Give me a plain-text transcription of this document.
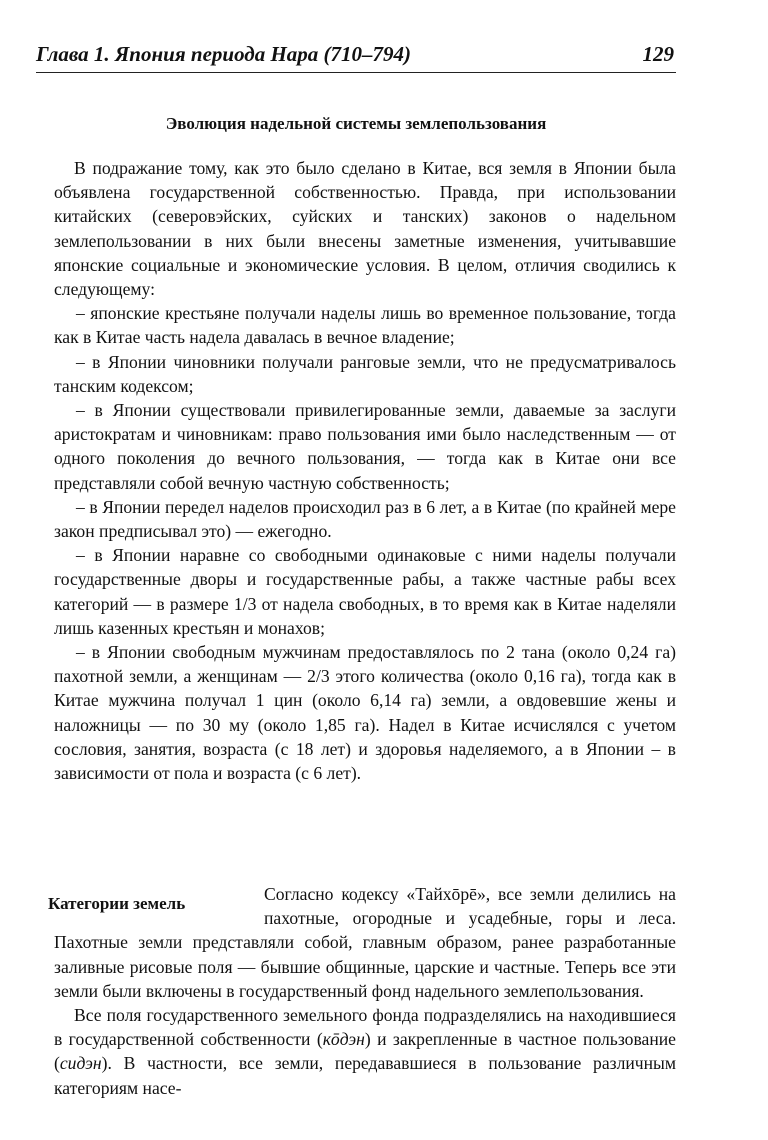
Глава 1. Япония периода Нара (710–794)	129
Эволюция надельной системы землепользования

В подражание тому, как это было сделано в Китае, вся земля в Японии была объявлена государственной собственностью. Правда, при использовании китайских (северовэйских, суйских и танских) законов о надельном землепользовании в них были внесены заметные изменения, учитывавшие японские социальные и экономические условия. В целом, отличия сводились к следующему:

– японские крестьяне получали наделы лишь во временное пользование, тогда как в Китае часть надела давалась в вечное владение;

– в Японии чиновники получали ранговые земли, что не предусматривалось танским кодексом;

– в Японии существовали привилегированные земли, даваемые за заслуги аристократам и чиновникам: право пользования ими было наследственным — от одного поколения до вечного пользования, — тогда как в Китае они все представляли собой вечную частную собственность;

– в Японии передел наделов происходил раз в 6 лет, а в Китае (по крайней мере закон предписывал это) — ежегодно.

– в Японии наравне со свободными одинаковые с ними наделы получали государственные дворы и государственные рабы, а также частные рабы всех категорий — в размере 1/3 от надела свободных, в то время как в Китае наделяли лишь казенных крестьян и монахов;

– в Японии свободным мужчинам предоставлялось по 2 тана (около 0,24 га) пахотной земли, а женщинам — 2/3 этого количества (около 0,16 га), тогда как в Китае мужчина получал 1 цин (около 6,14 га) земли, а овдовевшие жены и наложницы — по 30 му (около 1,85 га). Надел в Китае исчислялся с учетом сословия, занятия, возраста (с 18 лет) и здоровья наделяемого, а в Японии – в зависимости от пола и возраста (с 6 лет).

Категории земель	Согласно кодексу «Тайхōрē», все земли делились на пахотные, огородные и усадебные, горы и леса. Пахотные земли представляли собой, главным образом, ранее разработанные заливные рисовые поля — бывшие общинные, царские и частные. Теперь все эти земли были включены в государственный фонд надельного землепользования.

Все поля государственного земельного фонда подразделялись на находившиеся в государственной собственности (кōдэн) и закрепленные в частное пользование (сидэн). В частности, все земли, передававшиеся в пользование различным категориям насе-
